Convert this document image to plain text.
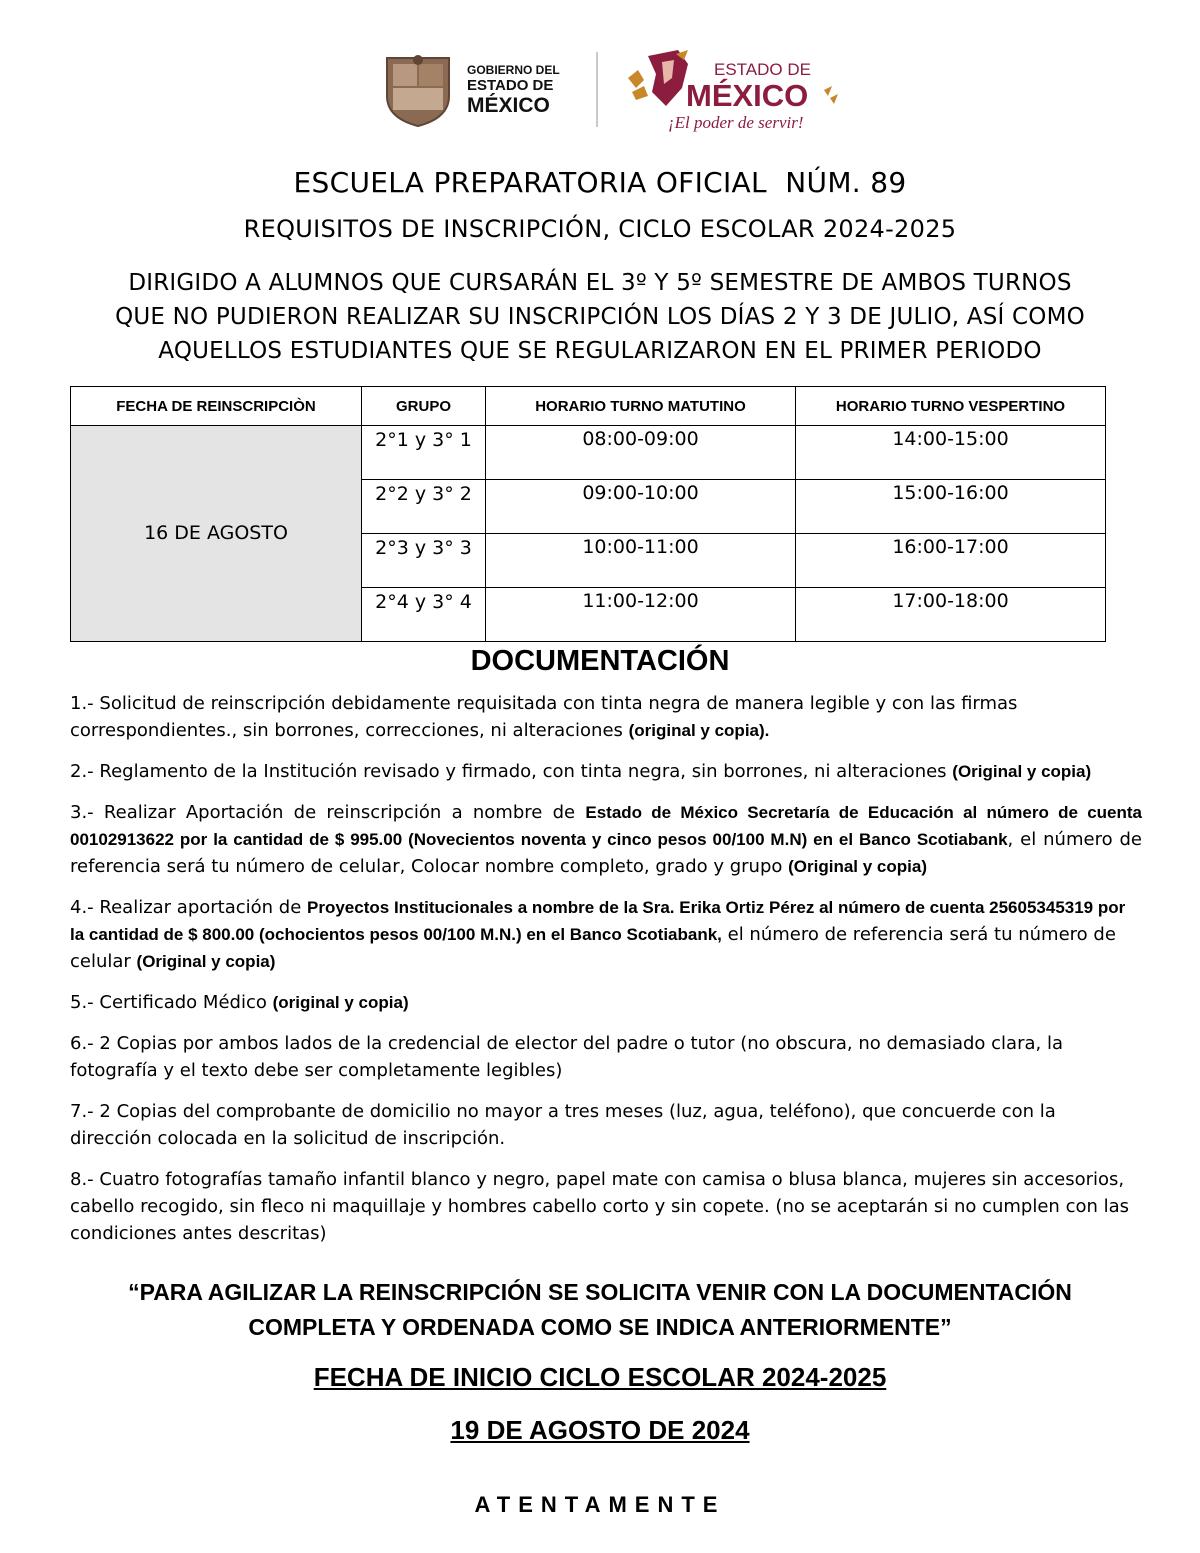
GOBIERNO DEL
ESTADO DE
MÉXICO
ESTADO DE
MÉXICO
¡El poder de servir!
ESCUELA PREPARATORIA OFICIAL  NÚM. 89
REQUISITOS DE INSCRIPCIÓN, CICLO ESCOLAR 2024-2025
DIRIGIDO A ALUMNOS QUE CURSARÁN EL 3º Y 5º SEMESTRE DE AMBOS TURNOS
QUE NO PUDIERON REALIZAR SU INSCRIPCIÓN LOS DÍAS 2 Y 3 DE JULIO, ASÍ COMO
AQUELLOS ESTUDIANTES QUE SE REGULARIZARON EN EL PRIMER PERIODO
FECHA DE REINSCRIPCIÒN	GRUPO	HORARIO TURNO MATUTINO	HORARIO TURNO VESPERTINO
16 DE AGOSTO	2°1 y 3° 1	08:00-09:00	14:00-15:00
	2°2 y 3° 2	09:00-10:00	15:00-16:00
	2°3 y 3° 3	10:00-11:00	16:00-17:00
	2°4 y 3° 4	11:00-12:00	17:00-18:00
DOCUMENTACIÓN
1.- Solicitud de reinscripción debidamente requisitada con tinta negra de manera legible y con las firmas correspondientes., sin borrones, correcciones, ni alteraciones (original y copia).
2.- Reglamento de la Institución revisado y firmado, con tinta negra, sin borrones, ni alteraciones (Original y copia)
3.- Realizar Aportación de reinscripción a nombre de Estado de México Secretaría de Educación al número de cuenta 00102913622 por la cantidad de $ 995.00 (Novecientos noventa y cinco pesos 00/100 M.N) en el Banco Scotiabank, el número de referencia será tu número de celular, Colocar nombre completo, grado y grupo (Original y copia)
4.- Realizar aportación de Proyectos Institucionales a nombre de la Sra. Erika Ortiz Pérez al número de cuenta 25605345319 por la cantidad de $ 800.00 (ochocientos pesos 00/100 M.N.) en el Banco Scotiabank, el número de referencia será tu número de celular (Original y copia)
5.- Certificado Médico (original y copia)
6.- 2 Copias por ambos lados de la credencial de elector del padre o tutor (no obscura, no demasiado clara, la fotografía y el texto debe ser completamente legibles)
7.- 2 Copias del comprobante de domicilio no mayor a tres meses (luz, agua, teléfono), que concuerde con la dirección colocada en la solicitud de inscripción.
8.- Cuatro fotografías tamaño infantil blanco y negro, papel mate con camisa o blusa blanca, mujeres sin accesorios, cabello recogido, sin fleco ni maquillaje y hombres cabello corto y sin copete. (no se aceptarán si no cumplen con las condiciones antes descritas)
“PARA AGILIZAR LA REINSCRIPCIÓN SE SOLICITA VENIR CON LA DOCUMENTACIÓN
COMPLETA Y ORDENADA COMO SE INDICA ANTERIORMENTE”
FECHA DE INICIO CICLO ESCOLAR 2024-2025
19 DE AGOSTO DE 2024
ATENTAMENTE
